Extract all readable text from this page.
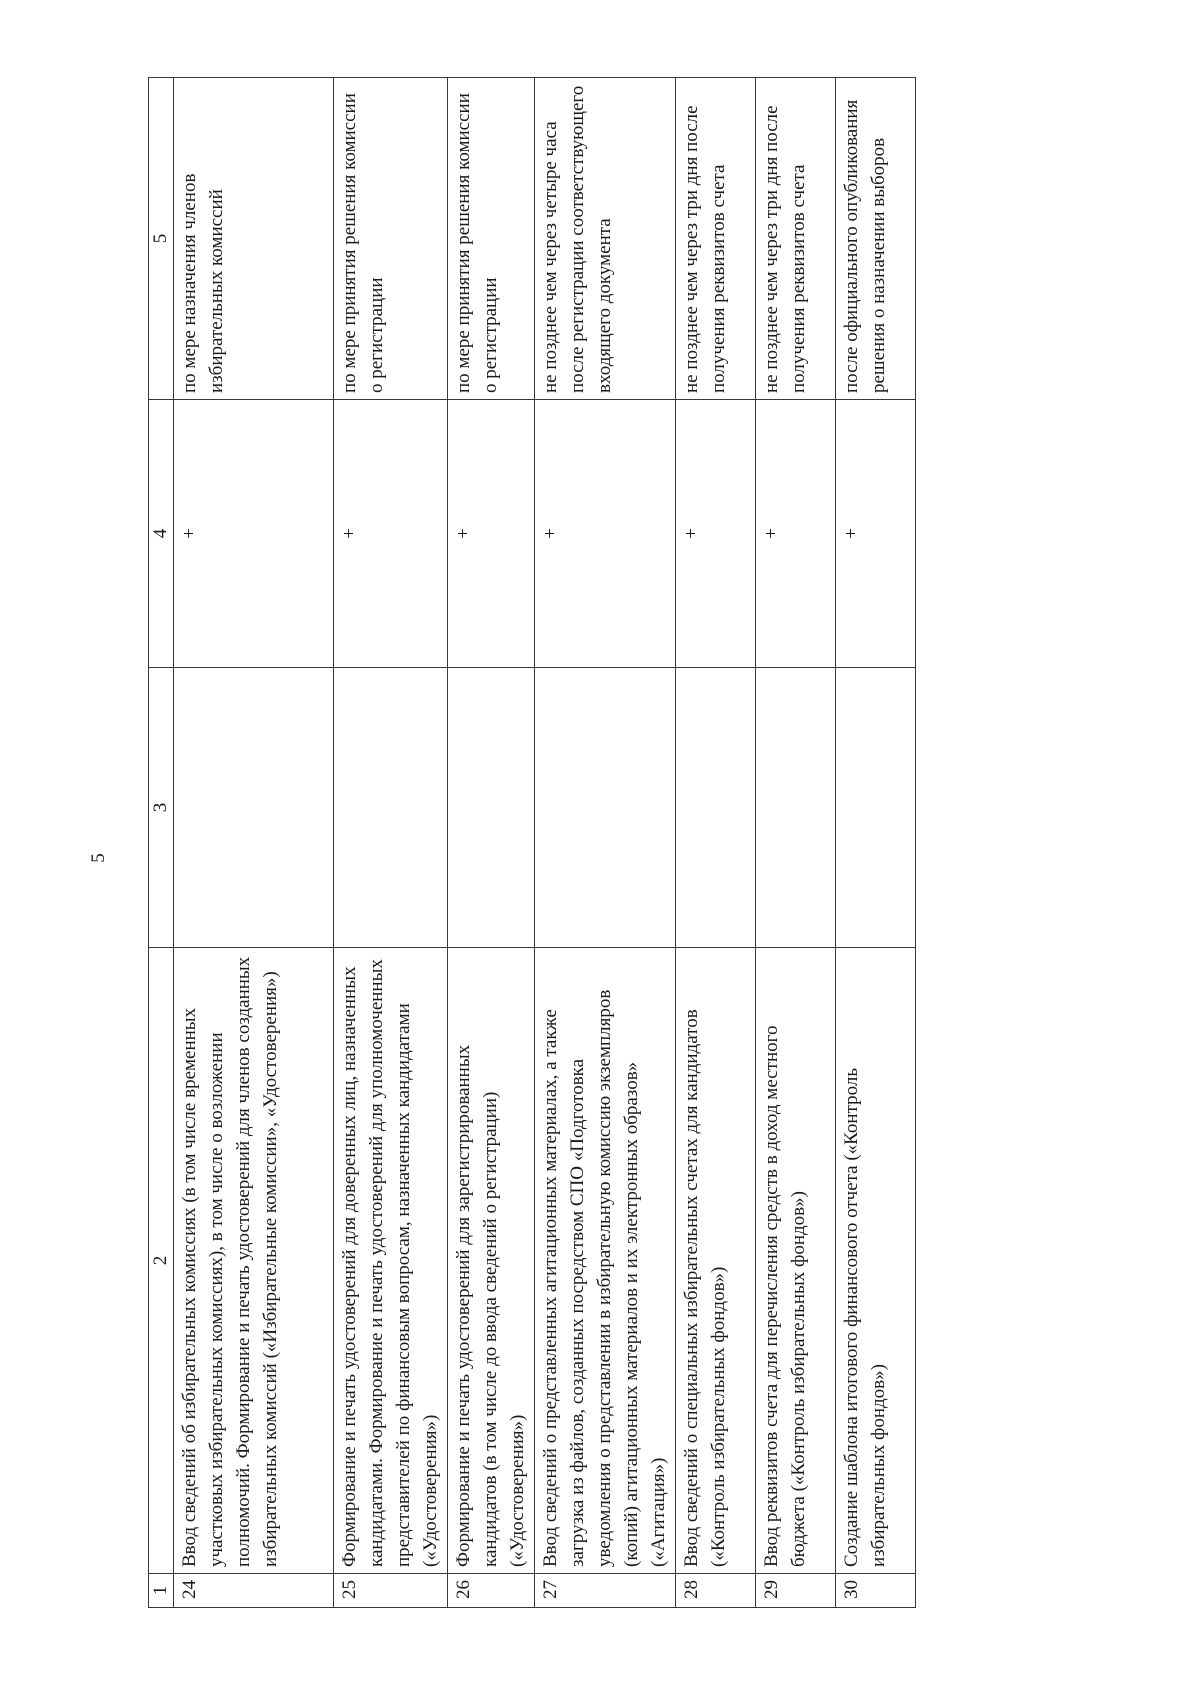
5
1	2	3	4	5
24	Ввод сведений об избирательных комиссиях (в том числе временных участковых избирательных комиссиях), в том числе о возложении полномочий. Формирование и печать удостоверений для членов созданных избирательных комиссий («Избирательные комиссии», «Удостоверения»)		+	по мере назначения членов избирательных комиссий
25	Формирование и печать удостоверений для доверенных лиц, назначенных кандидатами. Формирование и печать удостоверений для уполномоченных представителей по финансовым вопросам, назначенных кандидатами («Удостоверения»)		+	по мере принятия решения комиссии о регистрации
26	Формирование и печать удостоверений для зарегистрированных кандидатов (в том числе до ввода сведений о регистрации) («Удостоверения»)		+	по мере принятия решения комиссии о регистрации
27	Ввод сведений о представленных агитационных материалах, а также загрузка из файлов, созданных посредством СПО «Подготовка уведомления о представлении в избирательную комиссию экземпляров (копий) агитационных материалов и их электронных образов» («Агитация»)		+	не позднее чем через четыре часа после регистрации соответствующего входящего документа
28	Ввод сведений о специальных избирательных счетах для кандидатов («Контроль избирательных фондов»)		+	не позднее чем через три дня после получения реквизитов счета
29	Ввод реквизитов счета для перечисления средств в доход местного бюджета («Контроль избирательных фондов»)		+	не позднее чем через три дня после получения реквизитов счета
30	Создание шаблона итогового финансового отчета («Контроль избирательных фондов»)		+	после официального опубликования решения о назначении выборов
